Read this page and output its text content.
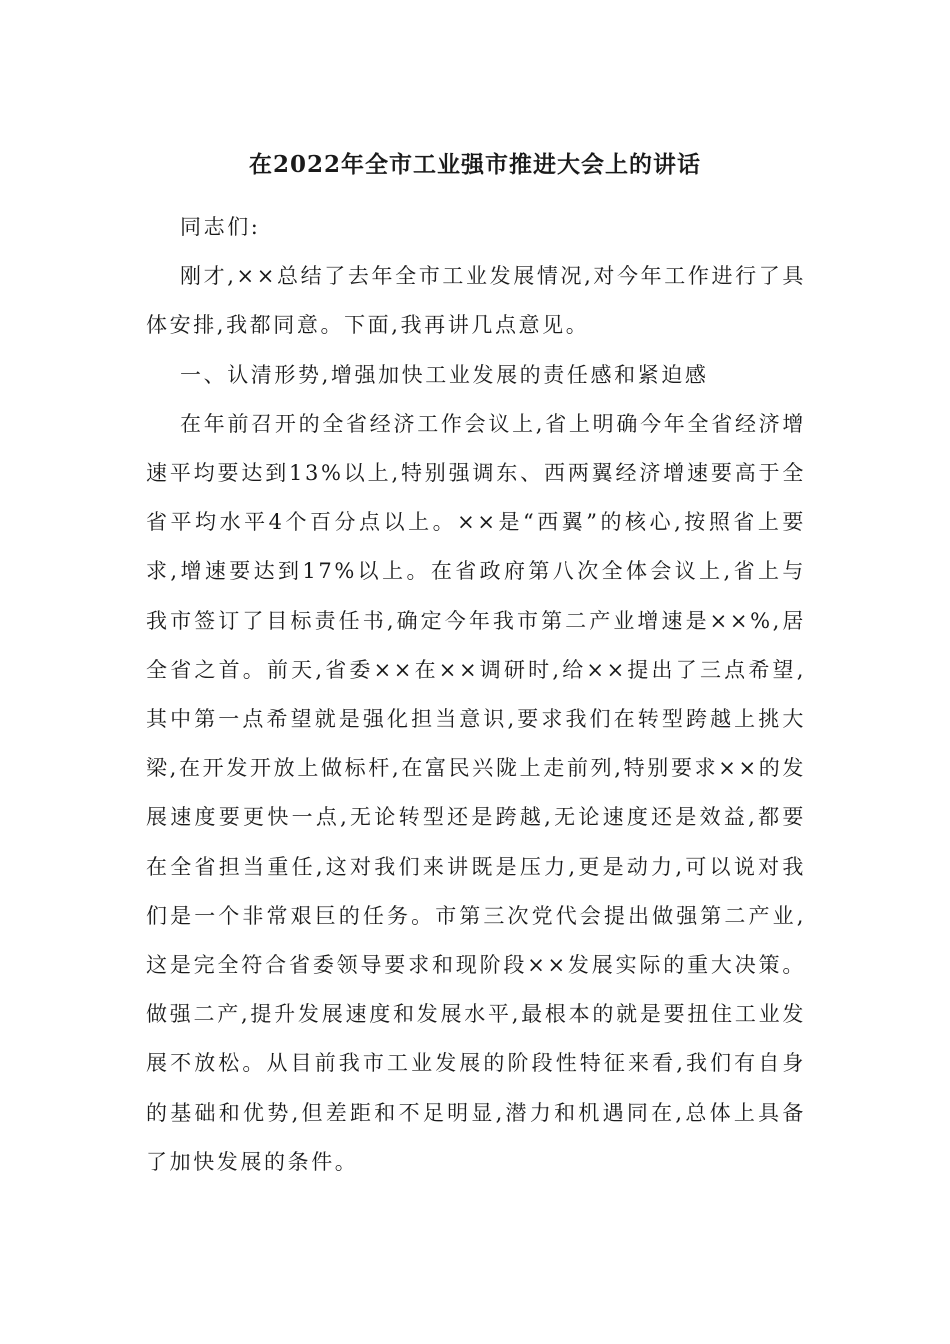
在2022年全市工业强市推进大会上的讲话

同志们:

刚才,××总结了去年全市工业发展情况,对今年工作进行了具体安排,我都同意。下面,我再讲几点意见。

一、认清形势,增强加快工业发展的责任感和紧迫感

在年前召开的全省经济工作会议上,省上明确今年全省经济增速平均要达到13%以上,特别强调东、西两翼经济增速要高于全省平均水平4个百分点以上。××是“西翼”的核心,按照省上要求,增速要达到17%以上。在省政府第八次全体会议上,省上与我市签订了目标责任书,确定今年我市第二产业增速是××%,居全省之首。前天,省委××在××调研时,给××提出了三点希望,其中第一点希望就是强化担当意识,要求我们在转型跨越上挑大梁,在开发开放上做标杆,在富民兴陇上走前列,特别要求××的发展速度要更快一点,无论转型还是跨越,无论速度还是效益,都要在全省担当重任,这对我们来讲既是压力,更是动力,可以说对我们是一个非常艰巨的任务。市第三次党代会提出做强第二产业,这是完全符合省委领导要求和现阶段××发展实际的重大决策。做强二产,提升发展速度和发展水平,最根本的就是要扭住工业发展不放松。从目前我市工业发展的阶段性特征来看,我们有自身的基础和优势,但差距和不足明显,潜力和机遇同在,总体上具备了加快发展的条件。
